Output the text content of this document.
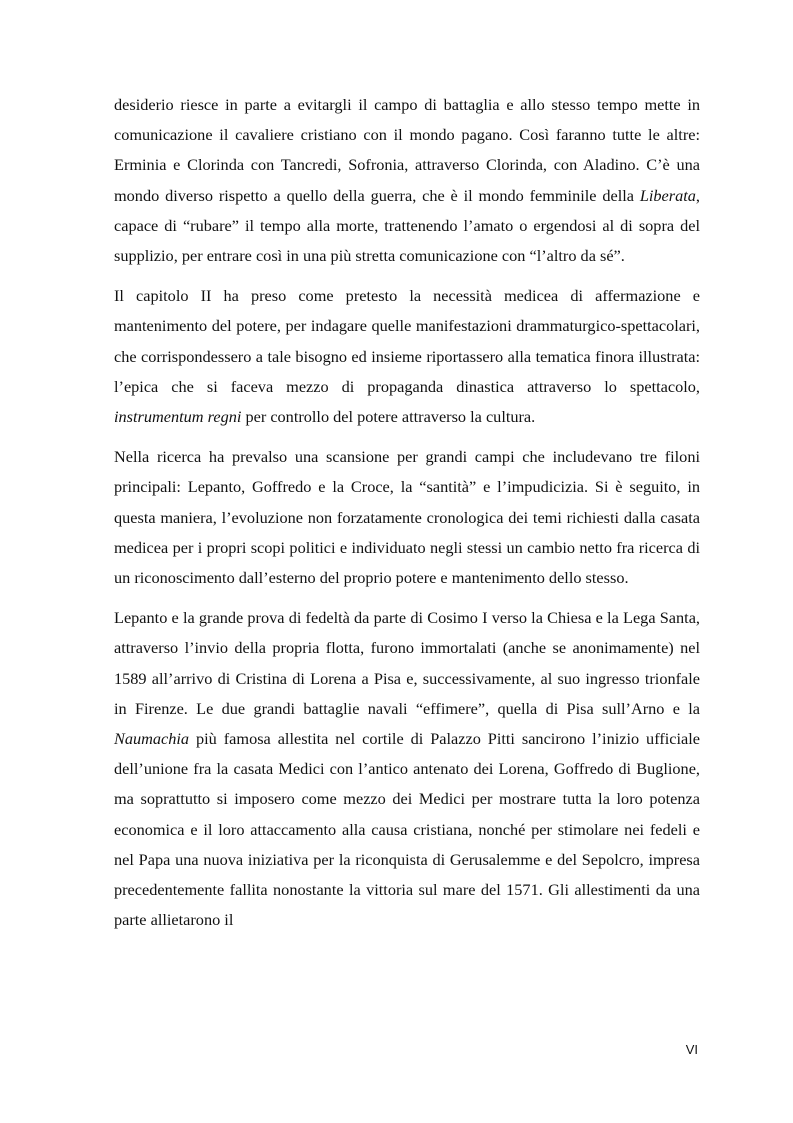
desiderio riesce in parte a evitargli il campo di battaglia e allo stesso tempo mette in comunicazione il cavaliere cristiano con il mondo pagano. Così faranno tutte le altre: Erminia e Clorinda con Tancredi, Sofronia, attraverso Clorinda, con Aladino. C’è una mondo diverso rispetto a quello della guerra, che è il mondo femminile della Liberata, capace di “rubare” il tempo alla morte, trattenendo l’amato o ergendosi al di sopra del supplizio, per entrare così in una più stretta comunicazione con “l’altro da sé”.

Il capitolo II ha preso come pretesto la necessità medicea di affermazione e mantenimento del potere, per indagare quelle manifestazioni drammaturgico-spettacolari, che corrispondessero a tale bisogno ed insieme riportassero alla tematica finora illustrata: l’epica che si faceva mezzo di propaganda dinastica attraverso lo spettacolo, instrumentum regni per controllo del potere attraverso la cultura.

Nella ricerca ha prevalso una scansione per grandi campi che includevano tre filoni principali: Lepanto, Goffredo e la Croce, la “santità” e l’impudicizia. Si è seguito, in questa maniera, l’evoluzione non forzatamente cronologica dei temi richiesti dalla casata medicea per i propri scopi politici e individuato negli stessi un cambio netto fra ricerca di un riconoscimento dall’esterno del proprio potere e mantenimento dello stesso.

Lepanto e la grande prova di fedeltà da parte di Cosimo I verso la Chiesa e la Lega Santa, attraverso l’invio della propria flotta, furono immortalati (anche se anonimamente) nel 1589 all’arrivo di Cristina di Lorena a Pisa e, successivamente, al suo ingresso trionfale in Firenze. Le due grandi battaglie navali “effimere”, quella di Pisa sull’Arno e la Naumachia più famosa allestita nel cortile di Palazzo Pitti sancirono l’inizio ufficiale dell’unione fra la casata Medici con l’antico antenato dei Lorena, Goffredo di Buglione, ma soprattutto si imposero come mezzo dei Medici per mostrare tutta la loro potenza economica e il loro attaccamento alla causa cristiana, nonché per stimolare nei fedeli e nel Papa una nuova iniziativa per la riconquista di Gerusalemme e del Sepolcro, impresa precedentemente fallita nonostante la vittoria sul mare del 1571. Gli allestimenti da una parte allietarono il

VI
